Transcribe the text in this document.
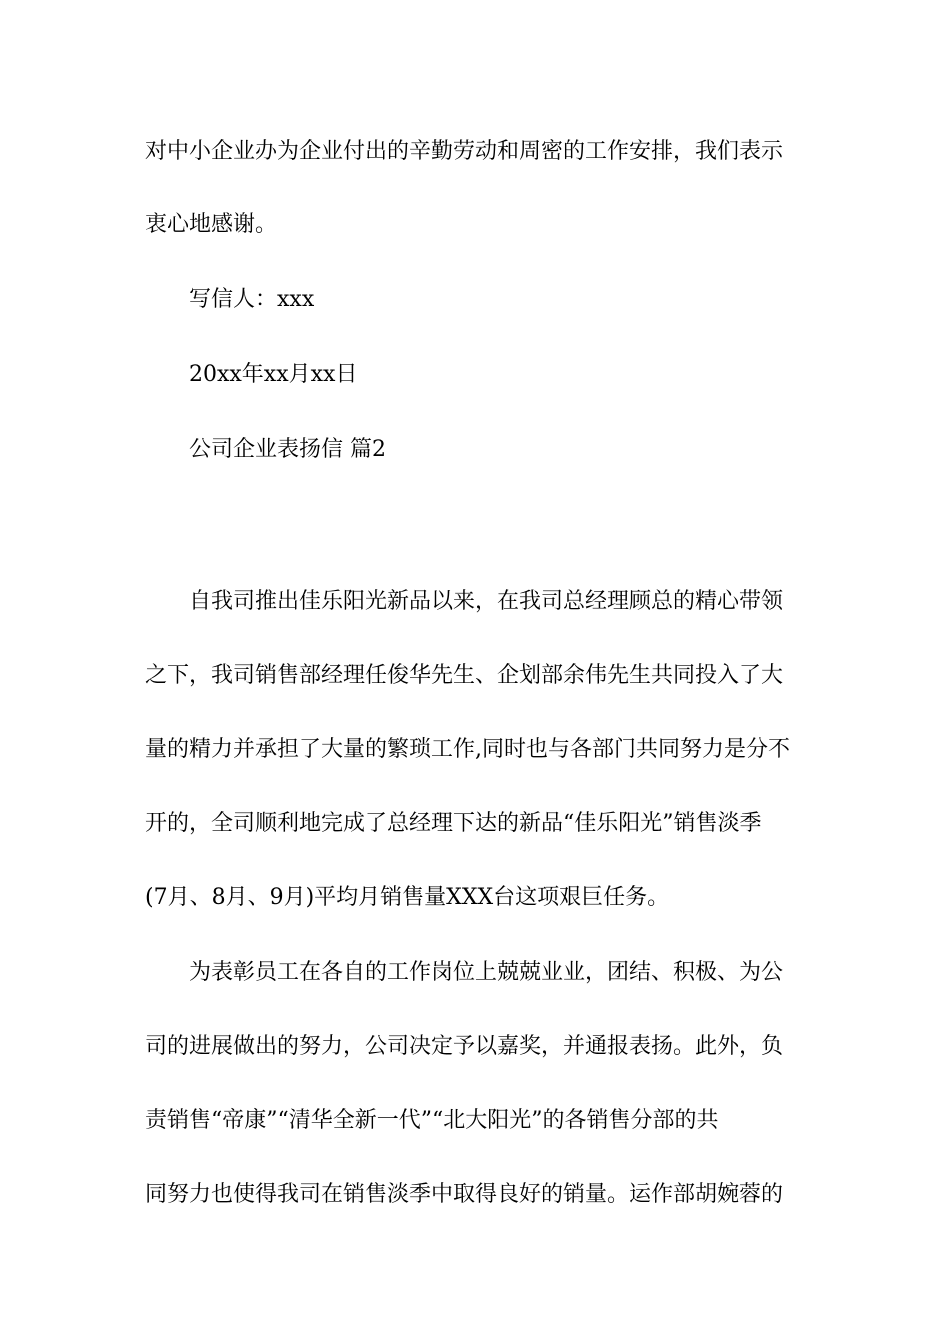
对中小企业办为企业付出的辛勤劳动和周密的工作安排，我们表示
衷心地感谢。
写信人：xxx
20xx年xx月xx日
公司企业表扬信 篇2
自我司推出佳乐阳光新品以来，在我司总经理顾总的精心带领
之下，我司销售部经理任俊华先生、企划部余伟先生共同投入了大
量的精力并承担了大量的繁琐工作,同时也与各部门共同努力是分不
开的，全司顺利地完成了总经理下达的新品“佳乐阳光”销售淡季
(7月、8月、9月)平均月销售量XXX台这项艰巨任务。
为表彰员工在各自的工作岗位上兢兢业业，团结、积极、为公
司的进展做出的努力，公司决定予以嘉奖，并通报表扬。此外，负
责销售“帝康”“清华全新一代”“北大阳光”的各销售分部的共
同努力也使得我司在销售淡季中取得良好的销量。运作部胡婉蓉的
